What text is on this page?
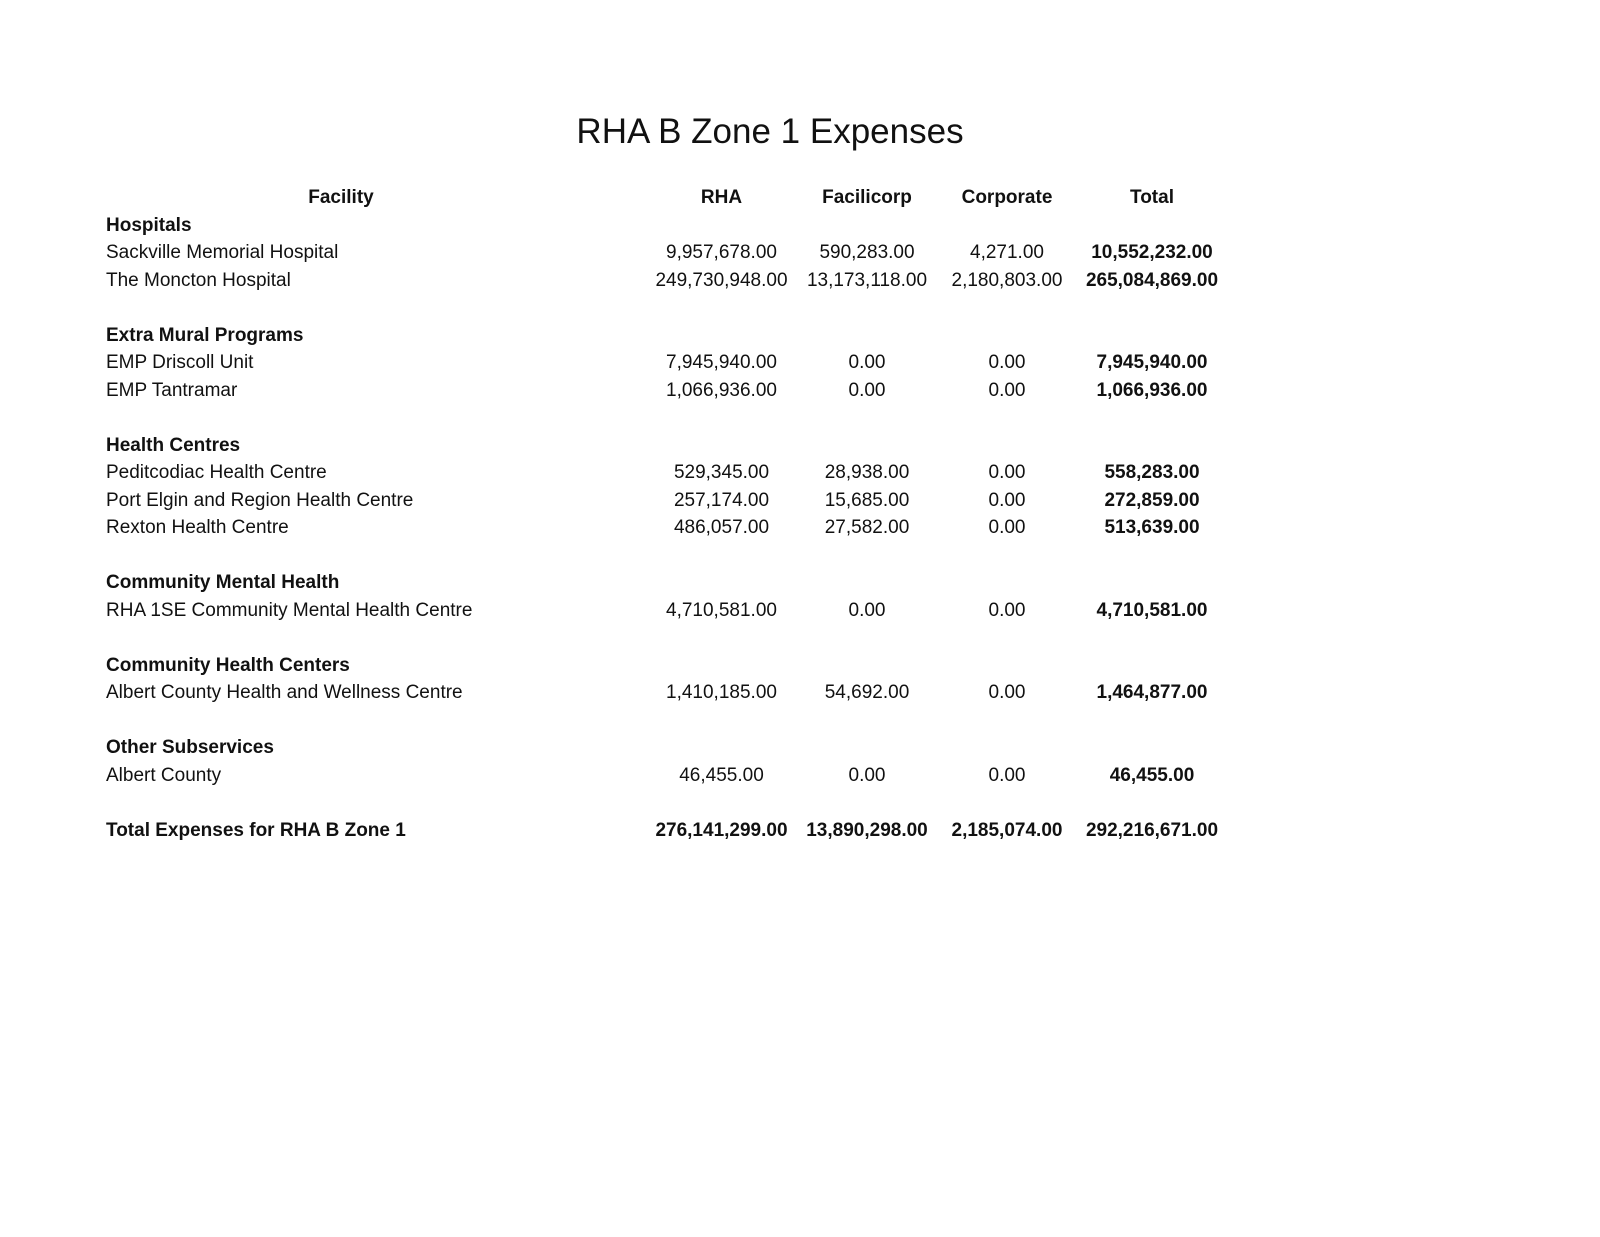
RHA B Zone 1 Expenses
Facility	RHA	Facilicorp	Corporate	Total
Hospitals				
Sackville Memorial Hospital	9,957,678.00	590,283.00	4,271.00	10,552,232.00
The Moncton Hospital	249,730,948.00	13,173,118.00	2,180,803.00	265,084,869.00

Extra Mural Programs				
EMP Driscoll Unit	7,945,940.00	0.00	0.00	7,945,940.00
EMP Tantramar	1,066,936.00	0.00	0.00	1,066,936.00

Health Centres				
Peditcodiac Health Centre	529,345.00	28,938.00	0.00	558,283.00
Port Elgin and Region Health Centre	257,174.00	15,685.00	0.00	272,859.00
Rexton Health Centre	486,057.00	27,582.00	0.00	513,639.00

Community Mental Health				
RHA 1SE Community Mental Health Centre	4,710,581.00	0.00	0.00	4,710,581.00

Community Health Centers				
Albert County Health and Wellness Centre	1,410,185.00	54,692.00	0.00	1,464,877.00

Other Subservices				
Albert County	46,455.00	0.00	0.00	46,455.00

Total Expenses for RHA B Zone 1	276,141,299.00	13,890,298.00	2,185,074.00	292,216,671.00
